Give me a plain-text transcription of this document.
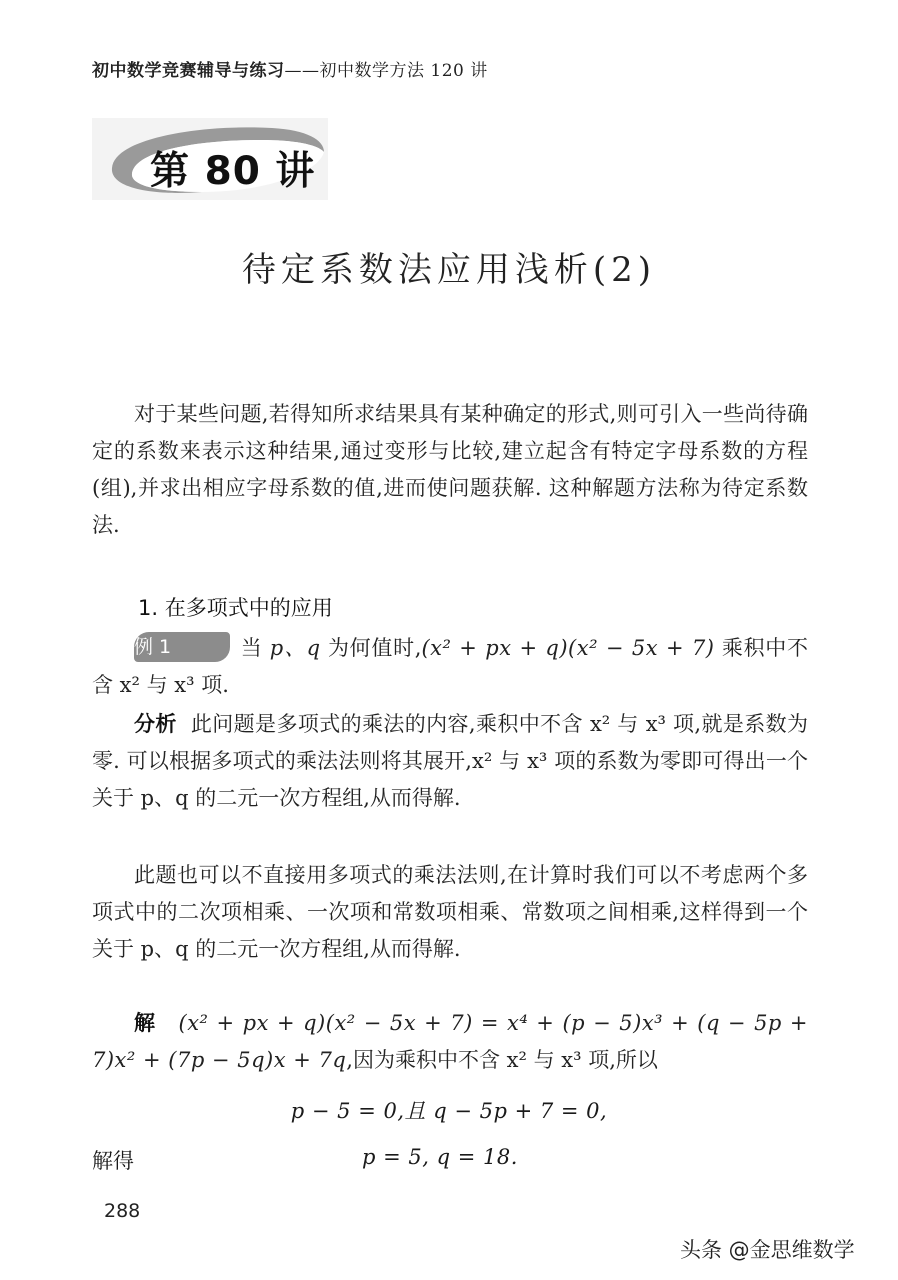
初中数学竞赛辅导与练习——初中数学方法 120 讲
第 80 讲
待定系数法应用浅析(2)

对于某些问题,若得知所求结果具有某种确定的形式,则可引入一些尚待确定的系数来表示这种结果,通过变形与比较,建立起含有特定字母系数的方程(组),并求出相应字母系数的值,进而使问题获解. 这种解题方法称为待定系数法.

1. 在多项式中的应用

例 1	当 p、q 为何值时,(x² + px + q)(x² − 5x + 7) 乘积中不含 x² 与 x³ 项.

分析 此问题是多项式的乘法的内容,乘积中不含 x² 与 x³ 项,就是系数为零. 可以根据多项式的乘法法则将其展开,x² 与 x³ 项的系数为零即可得出一个关于 p、q 的二元一次方程组,从而得解.

此题也可以不直接用多项式的乘法法则,在计算时我们可以不考虑两个多项式中的二次项相乘、一次项和常数项相乘、常数项之间相乘,这样得到一个关于 p、q 的二元一次方程组,从而得解.

解 (x² + px + q)(x² − 5x + 7) = x⁴ + (p − 5)x³ + (q − 5p + 7)x² + (7p − 5q)x + 7q,因为乘积中不含 x² 与 x³ 项,所以

p − 5 = 0,且 q − 5p + 7 = 0,
解得	p = 5, q = 18.
288
头条 @金思维数学
